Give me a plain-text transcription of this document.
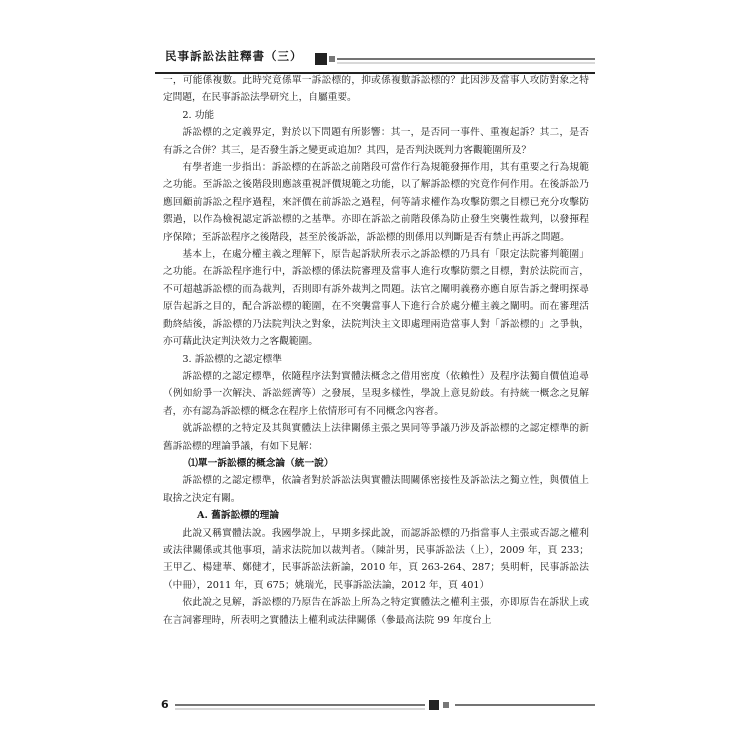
民事訴訟法註釋書（三）

一，可能係複數。此時究竟係單一訴訟標的，抑或係複數訴訟標的？此因涉及當事人攻防對象之特定問題，在民事訴訟法學研究上，自屬重要。

2. 功能

訴訟標的之定義界定，對於以下問題有所影響：其一，是否同一事件、重複起訴？其二，是否有訴之合併？其三，是否發生訴之變更或追加？其四，是否判決既判力客觀範圍所及？

有學者進一步指出：訴訟標的在訴訟之前階段可當作行為規範發揮作用，其有重要之行為規範之功能。至訴訟之後階段則應該重視評價規範之功能，以了解訴訟標的究竟作何作用。在後訴訟乃應回顧前訴訟之程序過程，來評價在前訴訟之過程，何等請求權作為攻擊防禦之目標已充分攻擊防禦過，以作為檢視認定訴訟標的之基準。亦即在訴訟之前階段係為防止發生突襲性裁判，以發揮程序保障；至訴訟程序之後階段，甚至於後訴訟，訴訟標的則係用以判斷是否有禁止再訴之問題。

基本上，在處分權主義之理解下，原告起訴狀所表示之訴訟標的乃具有「限定法院審判範圍」之功能。在訴訟程序進行中，訴訟標的係法院審理及當事人進行攻擊防禦之目標，對於法院而言，不可超越訴訟標的而為裁判，否則即有訴外裁判之問題。法官之闡明義務亦應自原告訴之聲明探尋原告起訴之目的，配合訴訟標的範圍，在不突襲當事人下進行合於處分權主義之闡明。而在審理活動終結後，訴訟標的乃法院判決之對象，法院判決主文即處理兩造當事人對「訴訟標的」之爭執，亦可藉此決定判決效力之客觀範圍。

3. 訴訟標的之認定標準

訴訟標的之認定標準，依隨程序法對實體法概念之借用密度（依賴性）及程序法獨自價值追尋（例如紛爭一次解決、訴訟經濟等）之發展，呈現多樣性，學說上意見紛歧。有持統一概念之見解者，亦有認為訴訟標的概念在程序上依情形可有不同概念內容者。

就訴訟標的之特定及其與實體法上法律關係主張之異同等爭議乃涉及訴訟標的之認定標準的新舊訴訟標的理論爭議，有如下見解：

⑴單一訴訟標的概念論（統一說）

訴訟標的之認定標準，依論者對於訴訟法與實體法間關係密接性及訴訟法之獨立性，與價值上取捨之決定有關。

A. 舊訴訟標的理論

此說又稱實體法說。我國學說上，早期多採此說，而認訴訟標的乃指當事人主張或否認之權利或法律關係或其他事項，請求法院加以裁判者。（陳計男，民事訴訟法（上），2009 年，頁 233；王甲乙、楊建華、鄭健才，民事訴訟法新論，2010 年，頁 263-264、287；吳明軒，民事訴訟法（中冊），2011 年，頁 675；姚瑞光，民事訴訟法論，2012 年，頁 401）

依此說之見解，訴訟標的乃原告在訴訟上所為之特定實體法之權利主張，亦即原告在訴狀上或在言詞審理時，所表明之實體法上權利或法律關係（參最高法院 99 年度台上

6
